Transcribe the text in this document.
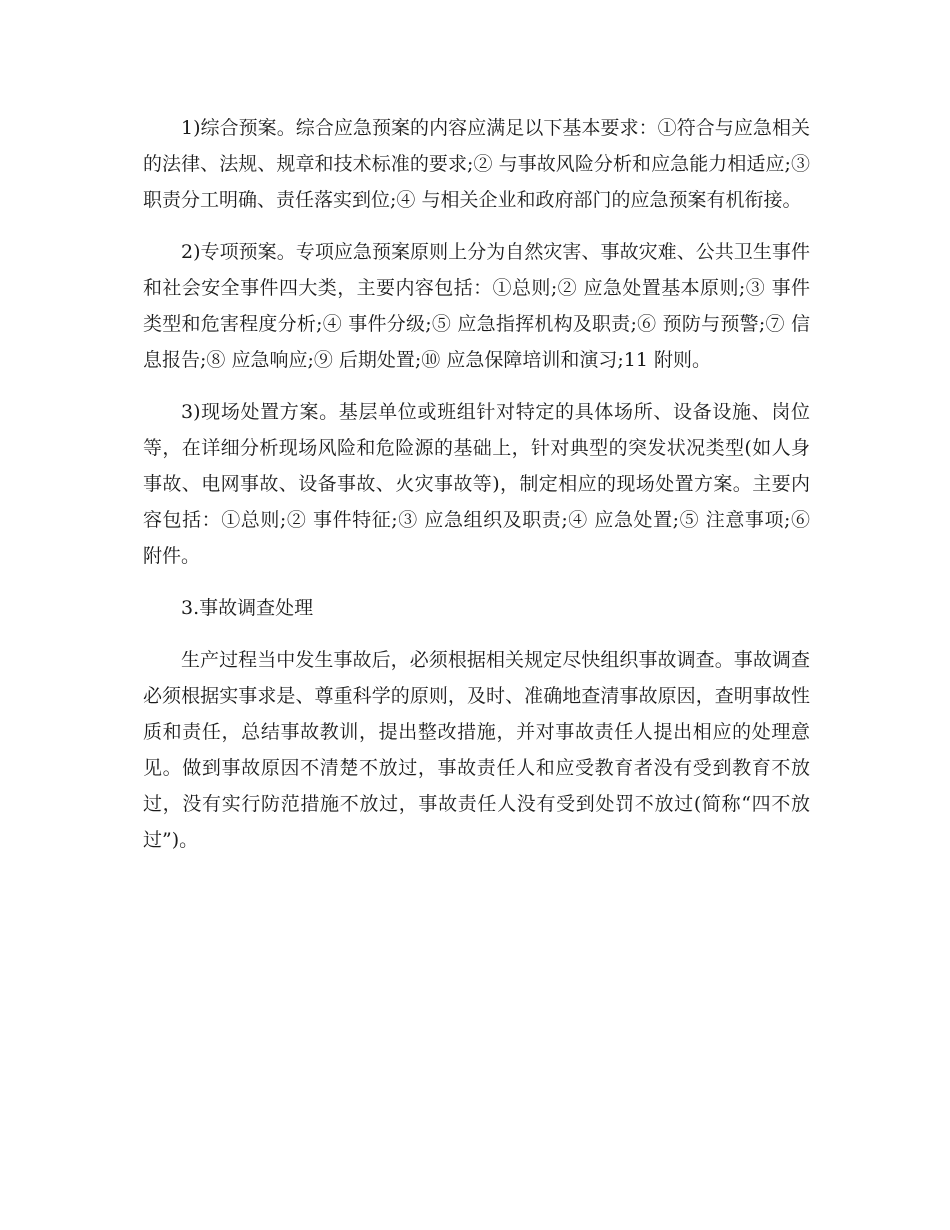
1)综合预案。综合应急预案的内容应满足以下基本要求：①符合与应急相关的法律、法规、规章和技术标准的要求;② 与事故风险分析和应急能力相适应;③ 职责分工明确、责任落实到位;④ 与相关企业和政府部门的应急预案有机衔接。

2)专项预案。专项应急预案原则上分为自然灾害、事故灾难、公共卫生事件和社会安全事件四大类，主要内容包括：①总则;② 应急处置基本原则;③ 事件类型和危害程度分析;④ 事件分级;⑤ 应急指挥机构及职责;⑥ 预防与预警;⑦ 信息报告;⑧ 应急响应;⑨ 后期处置;⑩ 应急保障培训和演习;11 附则。

3)现场处置方案。基层单位或班组针对特定的具体场所、设备设施、岗位等，在详细分析现场风险和危险源的基础上，针对典型的突发状况类型(如人身事故、电网事故、设备事故、火灾事故等)，制定相应的现场处置方案。主要内容包括：①总则;② 事件特征;③ 应急组织及职责;④ 应急处置;⑤ 注意事项;⑥ 附件。

3.事故调查处理

生产过程当中发生事故后，必须根据相关规定尽快组织事故调查。事故调查必须根据实事求是、尊重科学的原则，及时、准确地查清事故原因，查明事故性质和责任，总结事故教训，提出整改措施，并对事故责任人提出相应的处理意见。做到事故原因不清楚不放过，事故责任人和应受教育者没有受到教育不放过，没有实行防范措施不放过，事故责任人没有受到处罚不放过(简称“四不放过”)。
